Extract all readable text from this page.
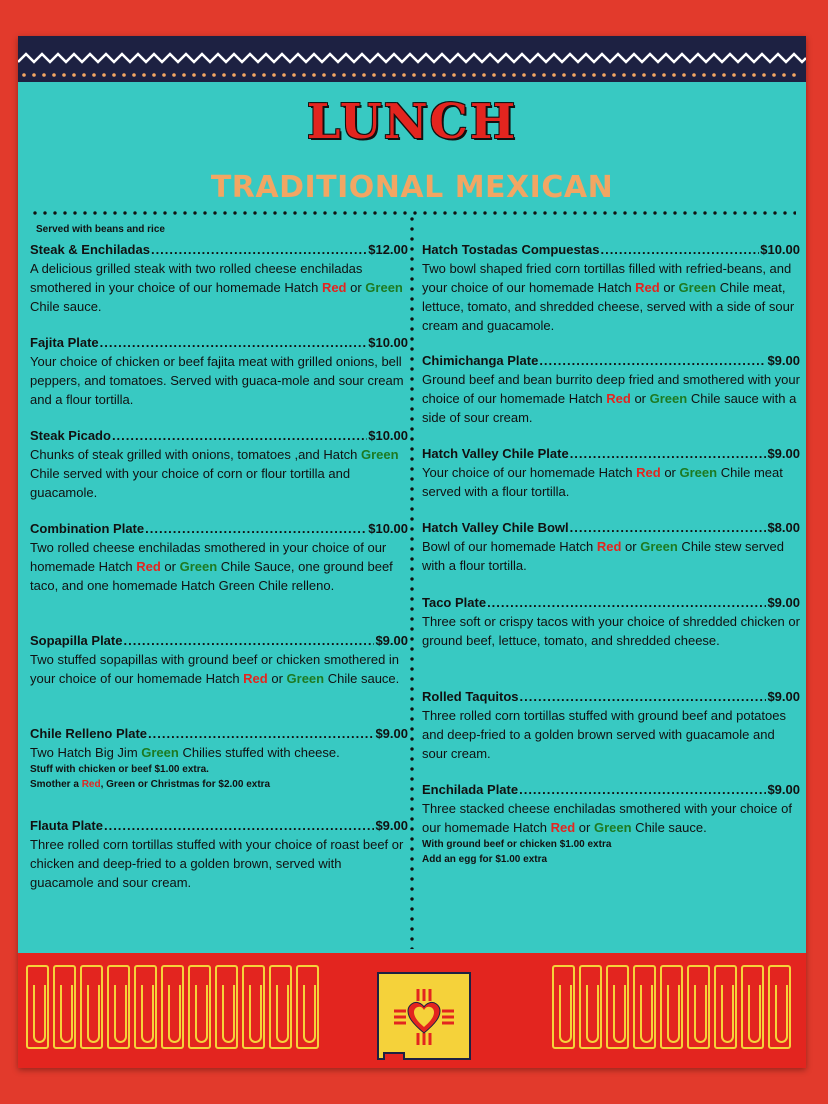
LUNCH
TRADITIONAL MEXICAN
Served with beans and rice
Steak & Enchiladas .....	$12.00
A delicious grilled steak with two rolled cheese enchiladas smothered in your choice of our homemade Hatch Red or Green Chile sauce.
Fajita Plate .....	$10.00
Your choice of chicken or beef fajita meat with grilled onions, bell peppers, and tomatoes. Served with guaca-mole and sour cream and a flour tortilla.
Steak Picado .....	$10.00
Chunks of steak grilled with onions, tomatoes ,and Hatch Green Chile served with your choice of corn or flour tortilla and guacamole.
Combination Plate .....	$10.00
Two rolled cheese enchiladas smothered in your choice of our homemade Hatch Red or Green Chile Sauce, one ground beef taco, and one homemade Hatch Green Chile relleno.
Sopapilla Plate .....	$9.00
Two stuffed sopapillas with ground beef or chicken smothered in your choice of our homemade Hatch Red or Green Chile sauce.
Chile Relleno Plate .....	$9.00
Two Hatch Big Jim Green Chilies stuffed with cheese.
Stuff with chicken or beef $1.00 extra.
Smother a Red, Green or Christmas for $2.00 extra
Flauta Plate .....	$9.00
Three rolled corn tortillas stuffed with your choice of roast beef or chicken and deep-fried to a golden brown, served with guacamole and sour cream.
Hatch Tostadas Compuestas .....	$10.00
Two bowl shaped fried corn tortillas filled with refried-beans, and your choice of our homemade Hatch Red or Green Chile meat, lettuce, tomato, and shredded cheese, served with a side of sour cream and guacamole.
Chimichanga Plate .....	$9.00
Ground beef and bean burrito deep fried and smothered with your choice of our homemade Hatch Red or Green Chile sauce with a side of sour cream.
Hatch Valley Chile Plate .....	$9.00
Your choice of our homemade Hatch Red or Green Chile meat served with a flour tortilla.
Hatch Valley Chile Bowl .....	$8.00
Bowl of our homemade Hatch Red or Green Chile stew served with a flour tortilla.
Taco Plate .....	$9.00
Three soft or crispy tacos with your choice of shredded chicken or ground beef, lettuce, tomato, and shredded cheese.
Rolled Taquitos .....	$9.00
Three rolled corn tortillas stuffed with ground beef and potatoes and deep-fried to a golden brown served with guacamole and sour cream.
Enchilada Plate .....	$9.00
Three stacked cheese enchiladas smothered with your choice of our homemade Hatch Red or Green Chile sauce.
With ground beef or chicken $1.00 extra
Add an egg for $1.00 extra
